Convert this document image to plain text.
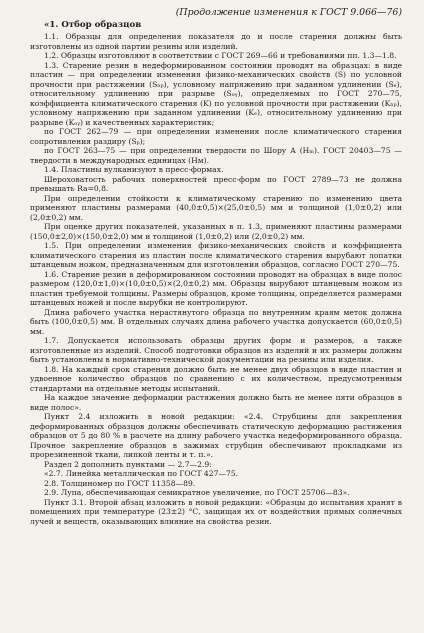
(Продолжение изменения к ГОСТ 9.066—76)
«1. Отбор образцов

1.1. Образцы для определения показателя до и после старения должны быть изготовлены из одной партии резины или изделий.

1.2. Образцы изготовляют в соответствии с ГОСТ 269—66 и требованиями пп. 1.3—1.8.

1.3. Старение резин в недеформированном состоянии проводят на образцах: в виде пластин — при определении изменения физико-механических свойств (S) по условной прочности при растяжении (Sₙₚ), условному напряжению при заданном удлинении (Sₑ), относительному удлинению при разрыве (Sₒᵧ), определяемых по ГОСТ 270—75, коэффициента климатического старения (K) по условной прочности при растяжении (Kₙₚ), условному напряжению при заданном удлинении (Kₑ), относительному удлинению при разрыве (Kₒᵧ) и качественных характеристик;

по ГОСТ 262—79 — при определении изменения после климатического старения сопротивления раздиру (Sₚ);

по ГОСТ 263—75 — при определении твердости по Шору А (Hₘ). ГОСТ 20403—75 — твердости в международных единицах (Hм).

1.4. Пластины вулканизуют в пресс-формах.

Шероховатость рабочих поверхностей пресс-форм по ГОСТ 2789—73 не должна превышать Ra=0,8.

При определении стойкости к климатическому старению по изменению цвета применяют пластины размерами (40,0±0,5)×(25,0±0,5) мм и толщиной (1,0±0,2) или (2,0±0,2) мм.

При оценке других показателей, указанных в п. 1.3, применяют пластины размерами (150,0±2,0)×(150,0±2,0) мм и толщиной (1,0±0,2) или (2,0±0,2) мм.

1.5. При определении изменения физико-механических свойств и коэффициента климатического старения из пластин после климатического старения вырубают лопатки штанцевым ножом, предназначенным для изготовления образцов, согласно ГОСТ 270—75.

1.6. Старение резин в деформированном состоянии проводят на образцах в виде полос размером (120,0±1,0)×(10,0±0,5)×(2,0±0,2) мм. Образцы вырубают штанцевым ножом из пластин требуемой толщины. Размеры образцов, кроме толщины, определяется размерами штанцевых ножей и после вырубки не контролируют.

Длина рабочего участка нерастянутого образца по внутренним краям меток должна быть (100,0±0,5) мм. В отдельных случаях длина рабочего участка допускается (60,0±0,5) мм.

1.7. Допускается использовать образцы других форм и размеров, а также изготовленные из изделий. Способ подготовки образцов из изделий и их размеры должны быть установлены в нормативно-технической документации на резины или изделия.

1.8. На каждый срок старения должно быть не менее двух образцов в виде пластин и удвоенное количество образцов по сравнению с их количеством, предусмотренным стандартами на отдельные методы испытаний.

На каждое значение деформации растяжения должно быть не менее пяти образцов в виде полос».

Пункт 2.4 изложить в новой редакции: «2.4. Струбцины для закрепления деформированных образцов должны обеспечивать статическую деформацию растяжения образцов от 5 до 80 % в расчете на длину рабочего участка недеформированного образца. Прочное закрепление образцов в зажимах струбцин обеспечивают прокладками из прорезиненной ткани, липкой ленты и т. п.».

Раздел 2 дополнить пунктами — 2.7—2.9:

«2.7. Линейка металлическая по ГОСТ 427—75.

2.8. Толщиномер по ГОСТ 11358—89.

2.9. Лупа, обеспечивающая семикратное увеличение, по ГОСТ 25706—83».

Пункт 3.1. Второй абзац изложить в новой редакции: «Образцы до испытания хранят в помещениях при температуре (23±2) °С, защищая их от воздействия прямых солнечных лучей и веществ, оказывающих влияние на свойства резин.
